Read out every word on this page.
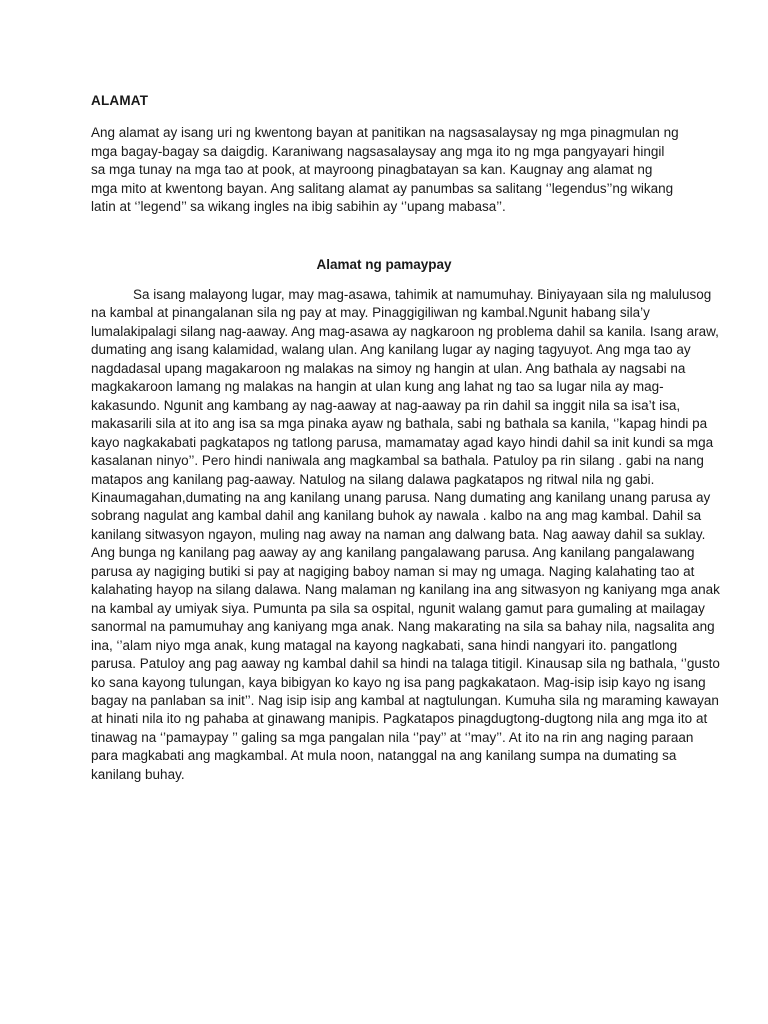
ALAMAT

Ang alamat ay isang uri ng kwentong bayan at panitikan na nagsasalaysay ng mga pinagmulan ng mga bagay-bagay sa daigdig. Karaniwang nagsasalaysay ang mga ito ng mga pangyayari hingil sa mga tunay na mga tao at pook, at mayroong pinagbatayan sa kan. Kaugnay ang alamat ng mga mito at kwentong bayan. Ang salitang alamat ay panumbas sa salitang ‘’legendus’’ng wikang latin at ‘’legend’’ sa wikang ingles na ibig sabihin ay ‘’upang mabasa’’.

Alamat ng pamaypay
Sa isang malayong lugar, may mag-asawa, tahimik at namumuhay. Biniyayaan sila ng malulusog
na kambal at pinangalanan sila ng pay at may. Pinaggigiliwan ng kambal.Ngunit habang sila’y
lumalakipalagi silang nag-aaway. Ang mag-asawa ay nagkaroon ng problema dahil sa kanila. Isang araw,
dumating ang isang kalamidad, walang ulan. Ang kanilang lugar ay naging tagyuyot. Ang mga tao ay
nagdadasal upang magakaroon ng malakas na simoy ng hangin at ulan. Ang bathala ay nagsabi na
magkakaroon lamang ng malakas na hangin at ulan kung ang lahat ng tao sa lugar nila ay mag-
kakasundo. Ngunit ang kambang ay nag-aaway at nag-aaway pa rin dahil sa inggit nila sa isa’t isa,
makasarili sila at ito ang isa sa mga pinaka ayaw ng bathala, sabi ng bathala sa kanila, ‘’kapag hindi pa
kayo nagkakabati pagkatapos ng tatlong parusa, mamamatay agad kayo hindi dahil sa init kundi sa mga
kasalanan ninyo’’. Pero hindi naniwala ang magkambal sa bathala. Patuloy pa rin silang . gabi na nang
matapos ang kanilang pag-aaway. Natulog na silang dalawa pagkatapos ng ritwal nila ng gabi.
Kinaumagahan,dumating na ang kanilang unang parusa. Nang dumating ang kanilang unang parusa ay
sobrang nagulat ang kambal dahil ang kanilang buhok ay nawala . kalbo na ang mag kambal. Dahil sa
kanilang sitwasyon ngayon, muling nag away na naman ang dalwang bata. Nag aaway dahil sa suklay.
Ang bunga ng kanilang pag aaway ay ang kanilang pangalawang parusa. Ang kanilang pangalawang
parusa ay nagiging butiki si pay at nagiging baboy naman si may ng umaga. Naging kalahating tao at
kalahating hayop na silang dalawa. Nang malaman ng kanilang ina ang sitwasyon ng kaniyang mga anak
na kambal ay umiyak siya. Pumunta pa sila sa ospital, ngunit walang gamut para gumaling at mailagay
sanormal na pamumuhay ang kaniyang mga anak. Nang makarating na sila sa bahay nila, nagsalita ang
ina, ‘’alam niyo mga anak, kung matagal na kayong nagkabati, sana hindi nangyari ito. pangatlong
parusa. Patuloy ang pag aaway ng kambal dahil sa hindi na talaga titigil. Kinausap sila ng bathala, ‘’gusto
ko sana kayong tulungan, kaya bibigyan ko kayo ng isa pang pagkakataon. Mag-isip isip kayo ng isang
bagay na panlaban sa init’’. Nag isip isip ang kambal at nagtulungan. Kumuha sila ng maraming kawayan
at hinati nila ito ng pahaba at ginawang manipis. Pagkatapos pinagdugtong-dugtong nila ang mga ito at
tinawag na ‘’pamaypay ’’ galing sa mga pangalan nila ‘’pay’’ at ‘’may’’. At ito na rin ang naging paraan
para magkabati ang magkambal. At mula noon, natanggal na ang kanilang sumpa na dumating sa
kanilang buhay.
